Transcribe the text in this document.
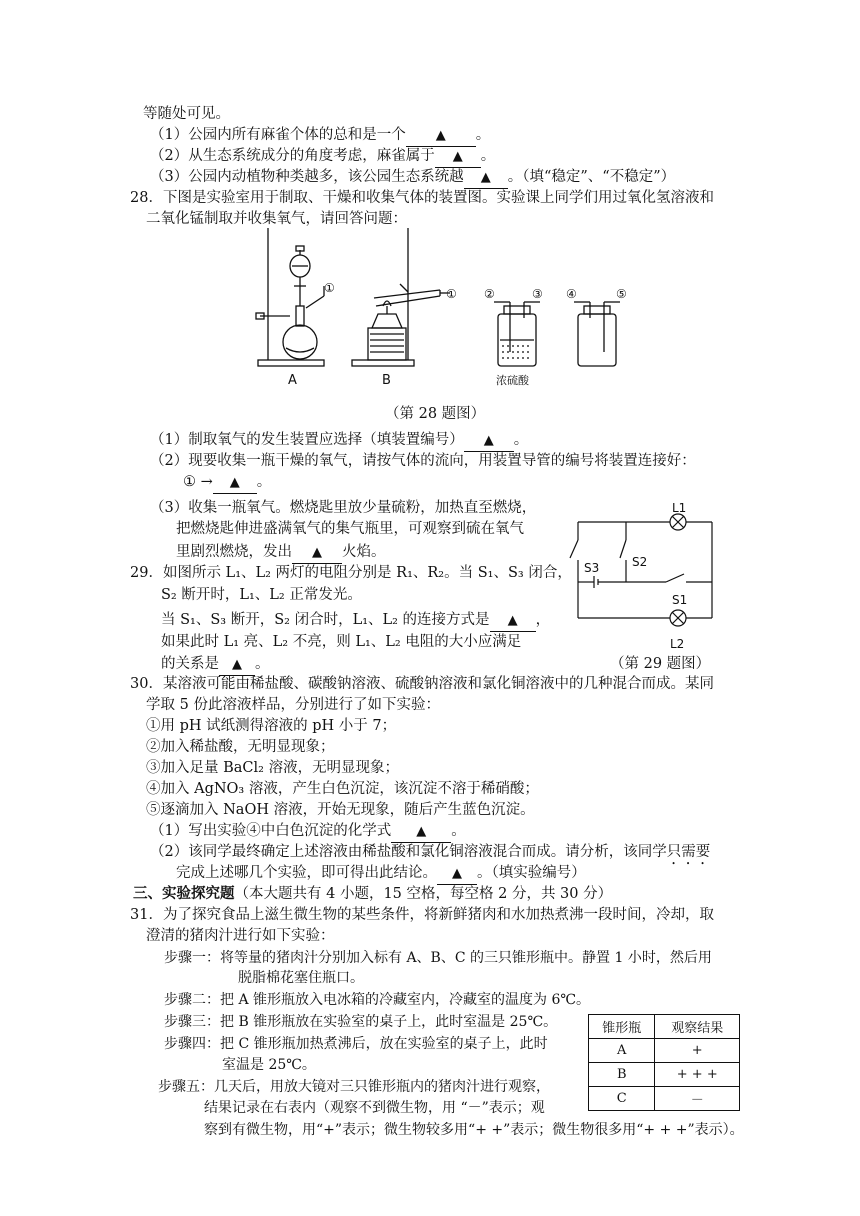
等随处可见。
（1）公园内所有麻雀个体的总和是一个 ▲ 。
（2）从生态系统成分的角度考虑，麻雀属于 ▲ 。
（3）公园内动植物种类越多，该公园生态系统越 ▲ 。（填“稳定”、“不稳定”）
28．下图是实验室用于制取、干燥和收集气体的装置图。实验课上同学们用过氧化氢溶液和
二氧化锰制取并收集氧气，请回答问题：
①	① ②	③ ④	⑤
A	B	浓硫酸
（第 28 题图）
（1）制取氧气的发生装置应选择（填装置编号） ▲ 。
（2）现要收集一瓶干燥的氧气，请按气体的流向，用装置导管的编号将装置连接好：
① → ▲ 。
（3）收集一瓶氧气。燃烧匙里放少量硫粉，加热直至燃烧，
把燃烧匙伸进盛满氧气的集气瓶里，可观察到硫在氧气
里剧烈燃烧，发出 ▲ 火焰。
L1
S2
S3
S1
L2
29．如图所示 L₁、L₂ 两灯的电阻分别是 R₁、R₂。当 S₁、S₃ 闭合，
S₂ 断开时，L₁、L₂ 正常发光。
当 S₁、S₃ 断开，S₂ 闭合时，L₁、L₂ 的连接方式是 ▲ ，
如果此时 L₁ 亮、L₂ 不亮，则 L₁、L₂ 电阻的大小应满足
的关系是 ▲ 。	（第 29 题图）
30．某溶液可能由稀盐酸、碳酸钠溶液、硫酸钠溶液和氯化铜溶液中的几种混合而成。某同
学取 5 份此溶液样品，分别进行了如下实验：
①用 pH 试纸测得溶液的 pH 小于 7；
②加入稀盐酸，无明显现象；
③加入足量 BaCl₂ 溶液，无明显现象；
④加入 AgNO₃ 溶液，产生白色沉淀，该沉淀不溶于稀硝酸；
⑤逐滴加入 NaOH 溶液，开始无现象，随后产生蓝色沉淀。
（1）写出实验④中白色沉淀的化学式 ▲ 。
（2）该同学最终确定上述溶液由稀盐酸和氯化铜溶液混合而成。请分析，该同学只需要
完成上述哪几个实验，即可得出此结论。 ▲ 。（填实验编号）
三、实验探究题（本大题共有 4 小题，15 空格，每空格 2 分，共 30 分）
31．为了探究食品上滋生微生物的某些条件，将新鲜猪肉和水加热煮沸一段时间，冷却，取
澄清的猪肉汁进行如下实验：
步骤一：将等量的猪肉汁分别加入标有 A、B、C 的三只锥形瓶中。静置 1 小时，然后用
脱脂棉花塞住瓶口。
步骤二：把 A 锥形瓶放入电冰箱的冷藏室内，冷藏室的温度为 6℃。
步骤三：把 B 锥形瓶放在实验室的桌子上，此时室温是 25℃。
步骤四：把 C 锥形瓶加热煮沸后，放在实验室的桌子上，此时
室温是 25℃。
步骤五：几天后，用放大镜对三只锥形瓶内的猪肉汁进行观察，
结果记录在右表内（观察不到微生物，用 “－”表示；观
察到有微生物，用“+”表示；微生物较多用“+ +”表示；微生物很多用“+ + +”表示）。
锥形瓶	观察结果
A	+
B	+ + +
C	－
